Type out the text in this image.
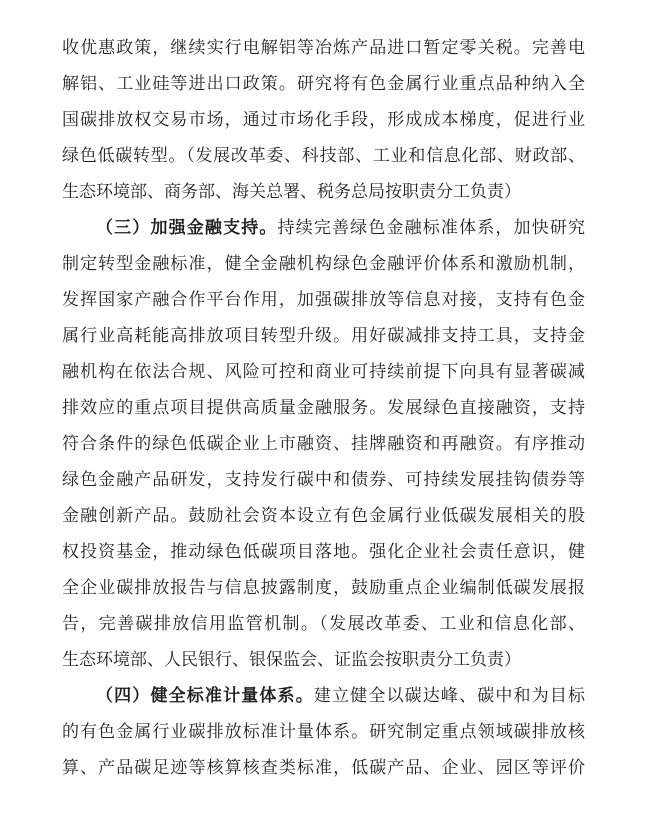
收优惠政策，继续实行电解铝等冶炼产品进口暂定零关税。完善电
解铝、工业硅等进出口政策。研究将有色金属行业重点品种纳入全
国碳排放权交易市场，通过市场化手段，形成成本梯度，促进行业
绿色低碳转型。（发展改革委、科技部、工业和信息化部、财政部、
生态环境部、商务部、海关总署、税务总局按职责分工负责）
（三）加强金融支持。持续完善绿色金融标准体系，加快研究
制定转型金融标准，健全金融机构绿色金融评价体系和激励机制，
发挥国家产融合作平台作用，加强碳排放等信息对接，支持有色金
属行业高耗能高排放项目转型升级。用好碳减排支持工具，支持金
融机构在依法合规、风险可控和商业可持续前提下向具有显著碳减
排效应的重点项目提供高质量金融服务。发展绿色直接融资，支持
符合条件的绿色低碳企业上市融资、挂牌融资和再融资。有序推动
绿色金融产品研发，支持发行碳中和债券、可持续发展挂钩债券等
金融创新产品。鼓励社会资本设立有色金属行业低碳发展相关的股
权投资基金，推动绿色低碳项目落地。强化企业社会责任意识，健
全企业碳排放报告与信息披露制度，鼓励重点企业编制低碳发展报
告，完善碳排放信用监管机制。（发展改革委、工业和信息化部、
生态环境部、人民银行、银保监会、证监会按职责分工负责）
（四）健全标准计量体系。建立健全以碳达峰、碳中和为目标
的有色金属行业碳排放标准计量体系。研究制定重点领域碳排放核
算、产品碳足迹等核算核查类标准，低碳产品、企业、园区等评价
